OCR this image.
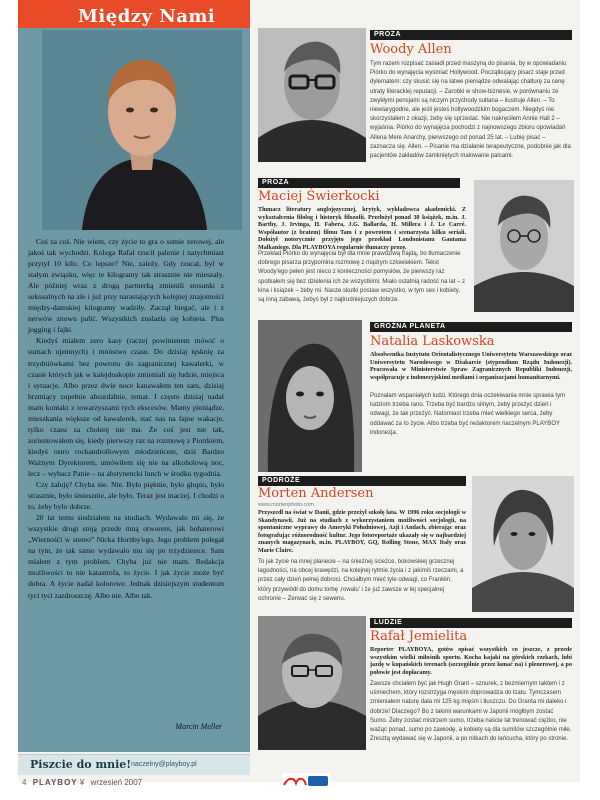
Między Nami

Coś za coś. Nie wiem, czy życie to gra o sumie zerowej, ale jakoś tak wychodzi. Kolega Rafał rzucił palenie i natychmiast przytył 10 kilo. Co lepsze? Nie, zależy. Gdy rzucał, był w stałym związku, więc te kilogramy tak strasznie nie mieszały. Ale później wraz z drogą partnerką zmienili stosunki z seksualnych na złe i już przy narastających kolejnej znajomości między-damskiej kilogramy wadziły. Zaczął biegać, ale i z nerwów znowu palić. Wszystkich znalazła się kobieta. Plus jogging i fajki.

Kiedyś miałem zero kasy (raczej powinienem mówić o sumach ujemnych) i mnóstwo czasu. Do dzisiaj tęsknię za trzydniówkami bez powrotu do zagranicznej kawalerki, w czasie których jak w kalejdoskopie zmieniali się ludzie, miejsca i sytuacje. Albo przez dwie noce kanawałem ten sam, dzisiaj brzmiący zupełnie absurdalnie, temat. I często dzisiaj nadal mam kontakt z towarzyszami tych ekscesów. Mamy pieniądze, mieszkania większe od kawalerek, stać nas na fajne wakacje, tylko czasu za cholerę nie ma. Że coś jest nie tak, zorientowałem się, kiedy pierwszy raz na rozmowę z Piotrkiem, kiedyś ostro rockandrollowym młodzieńcem, dziś Bardzo Ważnym Dyrektorem, umówiłem się nie na alkoholową noc, lecz – wybacz Panie – na abstynencki lunch w środku tygodnia.

Czy żałuję? Chyba nie. Nie. Było pięknie, było głupio, było strasznie, było śmiesznie, ale było. Teraz jest inaczej. I chodzi o to, żeby było dobrze.

20 lat temu siedziałem na studiach. Wydawało mi się, że wszystkie drogi stoją przede mną otworem, jak bohaterowi „Wiernośći w stereo” Nicka Hornby'ego. Jego problem polegał na tym, że tak samo wydawało mu się po trzydziestce. Sam miałem z tym problem. Chyba już nie mam. Redakcja możliwości to nie katastrofa, to życie. I jak życie może być dobra. A życie nadal kolorowe. Jednak dzisiejszym studentom tyci tyci zazdroszczę. Albo nie. Albo tak.

Marcin Meller
Piszcie do mnie! naczelny@playboy.pl
4 PLAYBOY ¥ wrzesień 2007
PROZA
Woody Allen
Tym razem rozpisać zasiadł przed maszyną do pisania, by w opowiadaniu Piórko do wynajęcia wyśmiać Hollywood. Początkujący pisarz staje przed dylematem: czy skusić się na łatwe pieniądze odwalając chałturę za cenę utraty literackiej reputacji. – Zarobki w show-biznesie, w porównaniu ze zwykłymi pensjami są niczym przychody sułtana – ilustruje Allen. – To niewiarygodne, ale jeśli jesteś hollywoodzkim bogaczem. Niegdyś nie skorzystałem z okazji, żeby się sprzedać. Nie nakręciłem Annie Hall 2 – wyjaśnia. Piórko do wynajęcia pochodzi z najnowszego zbioru opowiadań Allena Mere Anarchy, pierwszego od ponad 25 lat. – Lubię pisać – zaznacza się. Allen. – Pisanie ma działanie terapeutyczne, podobnie jak dla pacjentów zakładów zamkniętych malowanie palcami.
PROZA
Maciej Świerkocki
Tłumacz literatury anglojęzycznej, krytyk, wykładowca akademicki. Z wykształcenia filolog i historyk filozofii. Przełożył ponad 30 książek, m.in. J. Barthy, J. Irvinga, H. Fabera, J.G. Ballarda, H. Millera i J. Le Carré. Współautor (z bratem) filmu Tam i z powrotem i scenarzysta kilku seriali. Dołożył notorycznie przyjęto jego przekład Londonistanu Gautama Malkaniego. Dla PLAYBOYA regularnie tłumaczy prozę.
Przekład Piórko do wynajęcia był dla mnie prawdziwą frajdą, bo tłumaczenie dobrego pisarza przypomina rozmowę z mądrym człowiekiem. Tekst Woody'ego pełen jest nieco z konieczności pomysłów, że pierwszy raz spotkałem się bez dzielenia ich ze wszystkimi. Miało ostatnią radość na lat – z kina i książek – żeby mi. Nasze skutki postaw wszystko, w tym sex i kobiety, są inną zabawą, żebyś był z najtrudniejszych dobrze.
GROŹNA PLANETA
Natalia Laskowska
Absolwentka Instytutu Orientalistycznego Uniwersytetu Warszawskiego oraz Uniwersytetu Narodowego w Dżakarcie (stypendium Rządu Indonezji). Pracowała w Ministerstwie Spraw Zagranicznych Republiki Indonezji, współpracuje z indonezyjskimi mediami i organizacjami humanitarnymi.
Poznałam wspaniałych ludzi. Którego dnia oczekiwania mnie sprawia tym ludziom trzeba rano. Trzeba być bardzo silnym, żeby przeżyć dzień i odwagi, że tak przeżyć. Natomiast trzeba mieć wielkiego serca, żeby oddawać za to życie. Albo trzeba być redaktorem naczelnym PLAYBOY indonezja.
PODRÓŻE
Morten Andersen
www.mortenphoto.com
Przyszedł na świat w Danii, gdzie przeżył szkołę lata. W 1996 roku socjologii w Skandynawii. Już na studiach z wykorzystaniem możliwości socjologii, na spontaniczne wyprawy do Ameryki Południowej, Azji i Andach, zbierając oraz fotografując różnorodność kultur. Jego fotoreportaże ukazały się w najbardziej znanych magazynach, m.in. PLAYBOY, GQ, Rolling Stone, MAX Italy oraz Marie Claire.
To jak życie na innej planecie – na śnieżnej ścieżce, bokowskiej grzecznej łagodności, na obcej krawędzi, na kolejnej rytmie życia i z jakimiś rzeczami, a przez cały dzień pełnej dobroci. Chciałbym mieć tyle odwagi, co Franklin, który przywiódł do domu torbę ‚rowalu’ i że już zawsze w tej specjalnej ochronie – Zerwać się z sewenu.
LUDZIE
Rafał Jemielita
Reporter PLAYBOYA, gotów opisać wszystkich co jeszcze, z przede wszystkim wielki miłośnik sportu. Kocha kajaki na górskich rzekach, lubi jazdę w kupańskich terenach (szczególnie przez łamać na) i plenerowej, a po połowie jest dopłacamy.
Zawsze chciałem być jak Hugh Grant – sznurek, z bezmiernym taktem i z uśmiechem, który rozstrzyga męskim doprowadza do łzatu. Tymczasem zmieniałem naturę dała mi 125 kg mięśni i tłuszczu. Do Granta mi daleko i dobrze! Dlaczego? Bo z takimi warunkami w Japonii mógłbym zostać Sumo. Żeby zostać mistrzem sumo, trzeba naście lat trenować ciężko, nie ważąc ponad, sumo po zawiodę, a kobiety są dla sumitów szczególnie miłe. Zresztą wydawać się w Japonii, a po nitkach do łańcucha, który po stronie.
